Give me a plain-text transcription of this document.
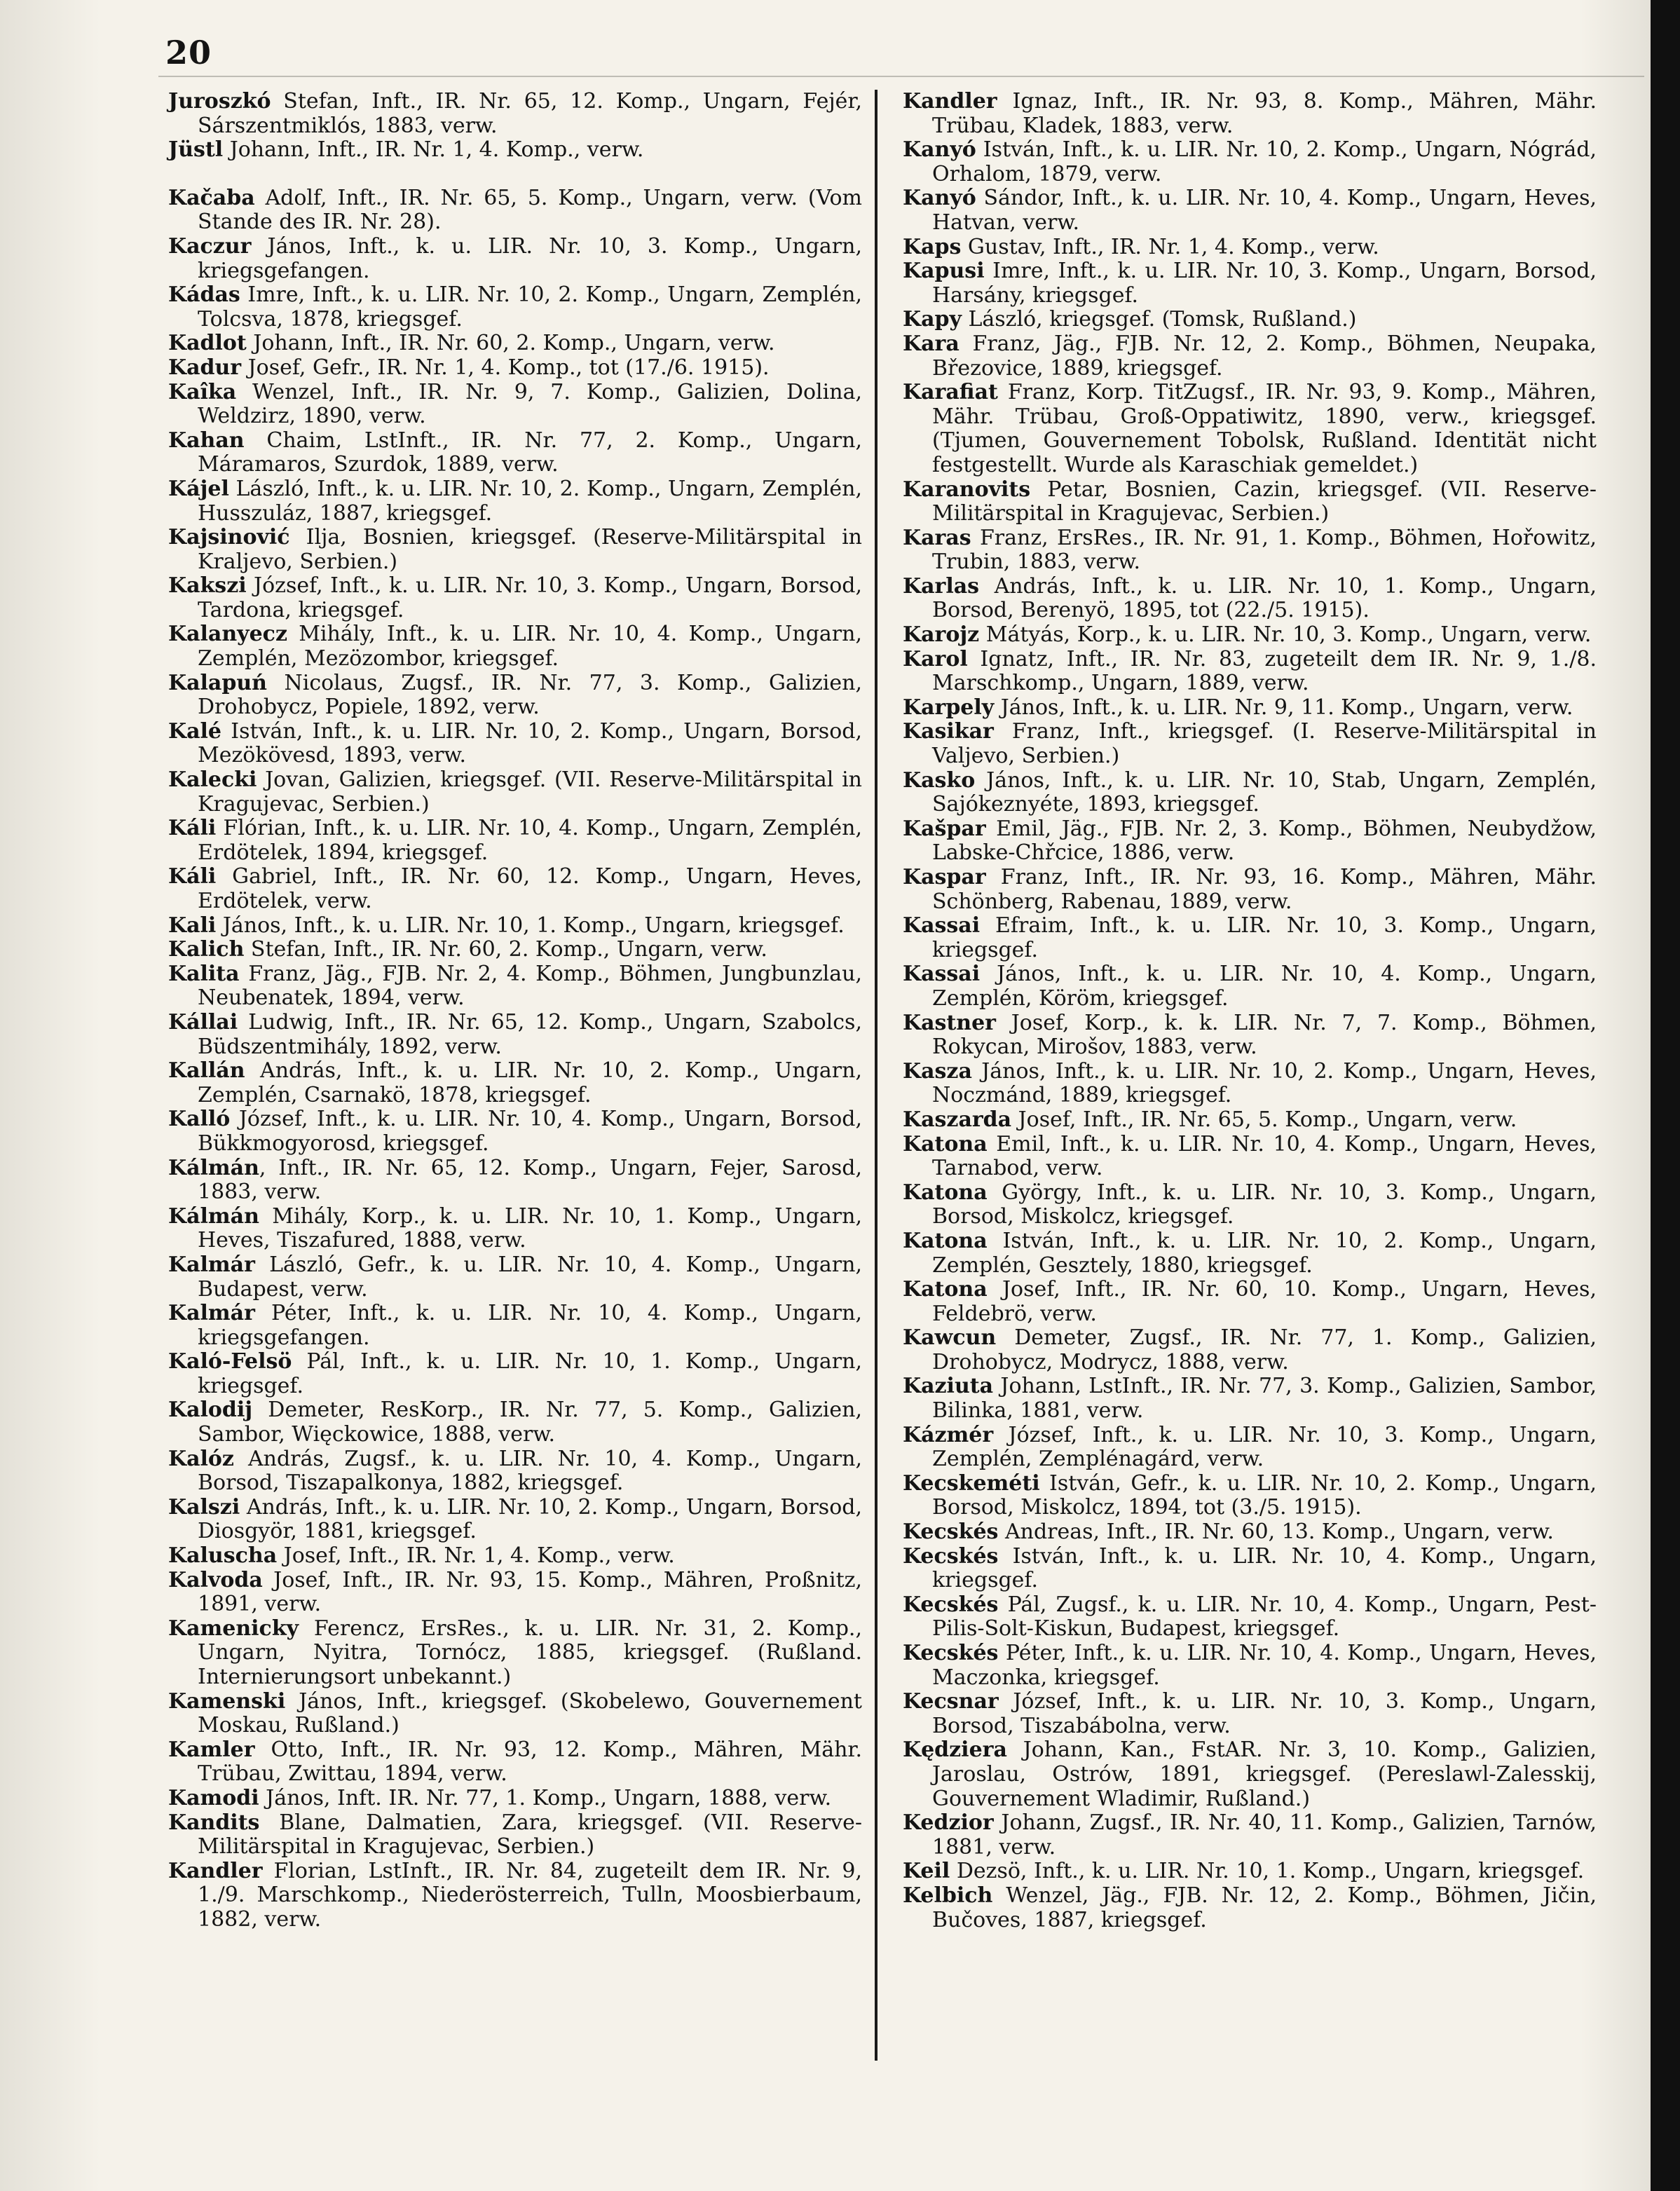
20

Juroszkó Stefan, Inft., IR. Nr. 65, 12. Komp., Ungarn, Fejér, Sárszentmiklós, 1883, verw.

Jüstl Johann, Inft., IR. Nr. 1, 4. Komp., verw.

Kačaba Adolf, Inft., IR. Nr. 65, 5. Komp., Ungarn, verw. (Vom Stande des IR. Nr. 28).

Kaczur János, Inft., k. u. LIR. Nr. 10, 3. Komp., Ungarn, kriegsgefangen.

Kádas Imre, Inft., k. u. LIR. Nr. 10, 2. Komp., Ungarn, Zemplén, Tolcsva, 1878, kriegsgef.

Kadlot Johann, Inft., IR. Nr. 60, 2. Komp., Ungarn, verw.

Kadur Josef, Gefr., IR. Nr. 1, 4. Komp., tot (17./6. 1915).

Kaîka Wenzel, Inft., IR. Nr. 9, 7. Komp., Galizien, Dolina, Weldzirz, 1890, verw.

Kahan Chaim, LstInft., IR. Nr. 77, 2. Komp., Ungarn, Máramaros, Szurdok, 1889, verw.

Kájel László, Inft., k. u. LIR. Nr. 10, 2. Komp., Ungarn, Zemplén, Husszuláz, 1887, kriegsgef.

Kajsinović Ilja, Bosnien, kriegsgef. (Reserve-Militärspital in Kraljevo, Serbien.)

Kakszi József, Inft., k. u. LIR. Nr. 10, 3. Komp., Ungarn, Borsod, Tardona, kriegsgef.

Kalanyecz Mihály, Inft., k. u. LIR. Nr. 10, 4. Komp., Ungarn, Zemplén, Mezözombor, kriegsgef.

Kalapuń Nicolaus, Zugsf., IR. Nr. 77, 3. Komp., Galizien, Drohobycz, Popiele, 1892, verw.

Kalé István, Inft., k. u. LIR. Nr. 10, 2. Komp., Ungarn, Borsod, Mezökövesd, 1893, verw.

Kalecki Jovan, Galizien, kriegsgef. (VII. Reserve-Militärspital in Kragujevac, Serbien.)

Káli Flórian, Inft., k. u. LIR. Nr. 10, 4. Komp., Ungarn, Zemplén, Erdötelek, 1894, kriegsgef.

Káli Gabriel, Inft., IR. Nr. 60, 12. Komp., Ungarn, Heves, Erdötelek, verw.

Kali János, Inft., k. u. LIR. Nr. 10, 1. Komp., Ungarn, kriegsgef.

Kalich Stefan, Inft., IR. Nr. 60, 2. Komp., Ungarn, verw.

Kalita Franz, Jäg., FJB. Nr. 2, 4. Komp., Böhmen, Jungbunzlau, Neubenatek, 1894, verw.

Kállai Ludwig, Inft., IR. Nr. 65, 12. Komp., Ungarn, Szabolcs, Büdszentmihály, 1892, verw.

Kallán András, Inft., k. u. LIR. Nr. 10, 2. Komp., Ungarn, Zemplén, Csarnakö, 1878, kriegsgef.

Kalló József, Inft., k. u. LIR. Nr. 10, 4. Komp., Ungarn, Borsod, Bükkmogyorosd, kriegsgef.

Kálmán, Inft., IR. Nr. 65, 12. Komp., Ungarn, Fejer, Sarosd, 1883, verw.

Kálmán Mihály, Korp., k. u. LIR. Nr. 10, 1. Komp., Ungarn, Heves, Tiszafured, 1888, verw.

Kalmár László, Gefr., k. u. LIR. Nr. 10, 4. Komp., Ungarn, Budapest, verw.

Kalmár Péter, Inft., k. u. LIR. Nr. 10, 4. Komp., Ungarn, kriegsgefangen.

Kaló-Felsö Pál, Inft., k. u. LIR. Nr. 10, 1. Komp., Ungarn, kriegsgef.

Kalodij Demeter, ResKorp., IR. Nr. 77, 5. Komp., Galizien, Sambor, Więckowice, 1888, verw.

Kalóz András, Zugsf., k. u. LIR. Nr. 10, 4. Komp., Ungarn, Borsod, Tiszapalkonya, 1882, kriegsgef.

Kalszi András, Inft., k. u. LIR. Nr. 10, 2. Komp., Ungarn, Borsod, Diosgyör, 1881, kriegsgef.

Kaluscha Josef, Inft., IR. Nr. 1, 4. Komp., verw.

Kalvoda Josef, Inft., IR. Nr. 93, 15. Komp., Mähren, Proßnitz, 1891, verw.

Kamenicky Ferencz, ErsRes., k. u. LIR. Nr. 31, 2. Komp., Ungarn, Nyitra, Tornócz, 1885, kriegsgef. (Rußland. Internierungsort unbekannt.)

Kamenski János, Inft., kriegsgef. (Skobelewo, Gouvernement Moskau, Rußland.)

Kamler Otto, Inft., IR. Nr. 93, 12. Komp., Mähren, Mähr. Trübau, Zwittau, 1894, verw.

Kamodi János, Inft. IR. Nr. 77, 1. Komp., Ungarn, 1888, verw.

Kandits Blane, Dalmatien, Zara, kriegsgef. (VII. Reserve-Militärspital in Kragujevac, Serbien.)

Kandler Florian, LstInft., IR. Nr. 84, zugeteilt dem IR. Nr. 9, 1./9. Marschkomp., Niederösterreich, Tulln, Moosbierbaum, 1882, verw.

Kandler Ignaz, Inft., IR. Nr. 93, 8. Komp., Mähren, Mähr. Trübau, Kladek, 1883, verw.

Kanyó István, Inft., k. u. LIR. Nr. 10, 2. Komp., Ungarn, Nógrád, Orhalom, 1879, verw.

Kanyó Sándor, Inft., k. u. LIR. Nr. 10, 4. Komp., Ungarn, Heves, Hatvan, verw.

Kaps Gustav, Inft., IR. Nr. 1, 4. Komp., verw.

Kapusi Imre, Inft., k. u. LIR. Nr. 10, 3. Komp., Ungarn, Borsod, Harsány, kriegsgef.

Kapy László, kriegsgef. (Tomsk, Rußland.)

Kara Franz, Jäg., FJB. Nr. 12, 2. Komp., Böhmen, Neupaka, Březovice, 1889, kriegsgef.

Karafiat Franz, Korp. TitZugsf., IR. Nr. 93, 9. Komp., Mähren, Mähr. Trübau, Groß-Oppatiwitz, 1890, verw., kriegsgef. (Tjumen, Gouvernement Tobolsk, Rußland. Identität nicht festgestellt. Wurde als Karaschiak gemeldet.)

Karanovits Petar, Bosnien, Cazin, kriegsgef. (VII. Reserve-Militärspital in Kragujevac, Serbien.)

Karas Franz, ErsRes., IR. Nr. 91, 1. Komp., Böhmen, Hořowitz, Trubin, 1883, verw.

Karlas András, Inft., k. u. LIR. Nr. 10, 1. Komp., Ungarn, Borsod, Berenyö, 1895, tot (22./5. 1915).

Karojz Mátyás, Korp., k. u. LIR. Nr. 10, 3. Komp., Ungarn, verw.

Karol Ignatz, Inft., IR. Nr. 83, zugeteilt dem IR. Nr. 9, 1./8. Marschkomp., Ungarn, 1889, verw.

Karpely János, Inft., k. u. LIR. Nr. 9, 11. Komp., Ungarn, verw.

Kasikar Franz, Inft., kriegsgef. (I. Reserve-Militärspital in Valjevo, Serbien.)

Kasko János, Inft., k. u. LIR. Nr. 10, Stab, Ungarn, Zemplén, Sajókeznyéte, 1893, kriegsgef.

Kašpar Emil, Jäg., FJB. Nr. 2, 3. Komp., Böhmen, Neubydžow, Labske-Chřcice, 1886, verw.

Kaspar Franz, Inft., IR. Nr. 93, 16. Komp., Mähren, Mähr. Schönberg, Rabenau, 1889, verw.

Kassai Efraim, Inft., k. u. LIR. Nr. 10, 3. Komp., Ungarn, kriegsgef.

Kassai János, Inft., k. u. LIR. Nr. 10, 4. Komp., Ungarn, Zemplén, Köröm, kriegsgef.

Kastner Josef, Korp., k. k. LIR. Nr. 7, 7. Komp., Böhmen, Rokycan, Mirošov, 1883, verw.

Kasza János, Inft., k. u. LIR. Nr. 10, 2. Komp., Ungarn, Heves, Noczmánd, 1889, kriegsgef.

Kaszarda Josef, Inft., IR. Nr. 65, 5. Komp., Ungarn, verw.

Katona Emil, Inft., k. u. LIR. Nr. 10, 4. Komp., Ungarn, Heves, Tarnabod, verw.

Katona György, Inft., k. u. LIR. Nr. 10, 3. Komp., Ungarn, Borsod, Miskolcz, kriegsgef.

Katona István, Inft., k. u. LIR. Nr. 10, 2. Komp., Ungarn, Zemplén, Gesztely, 1880, kriegsgef.

Katona Josef, Inft., IR. Nr. 60, 10. Komp., Ungarn, Heves, Feldebrö, verw.

Kawcun Demeter, Zugsf., IR. Nr. 77, 1. Komp., Galizien, Drohobycz, Modrycz, 1888, verw.

Kaziuta Johann, LstInft., IR. Nr. 77, 3. Komp., Galizien, Sambor, Bilinka, 1881, verw.

Kázmér József, Inft., k. u. LIR. Nr. 10, 3. Komp., Ungarn, Zemplén, Zemplénagárd, verw.

Kecskeméti István, Gefr., k. u. LIR. Nr. 10, 2. Komp., Ungarn, Borsod, Miskolcz, 1894, tot (3./5. 1915).

Kecskés Andreas, Inft., IR. Nr. 60, 13. Komp., Ungarn, verw.

Kecskés István, Inft., k. u. LIR. Nr. 10, 4. Komp., Ungarn, kriegsgef.

Kecskés Pál, Zugsf., k. u. LIR. Nr. 10, 4. Komp., Ungarn, Pest-Pilis-Solt-Kiskun, Budapest, kriegsgef.

Kecskés Péter, Inft., k. u. LIR. Nr. 10, 4. Komp., Ungarn, Heves, Maczonka, kriegsgef.

Kecsnar József, Inft., k. u. LIR. Nr. 10, 3. Komp., Ungarn, Borsod, Tiszabábolna, verw.

Kędziera Johann, Kan., FstAR. Nr. 3, 10. Komp., Galizien, Jaroslau, Ostrów, 1891, kriegsgef. (Pereslawl-Zalesskij, Gouvernement Wladimir, Rußland.)

Kedzior Johann, Zugsf., IR. Nr. 40, 11. Komp., Galizien, Tarnów, 1881, verw.

Keil Dezsö, Inft., k. u. LIR. Nr. 10, 1. Komp., Ungarn, kriegsgef.

Kelbich Wenzel, Jäg., FJB. Nr. 12, 2. Komp., Böhmen, Jičin, Bučoves, 1887, kriegsgef.
